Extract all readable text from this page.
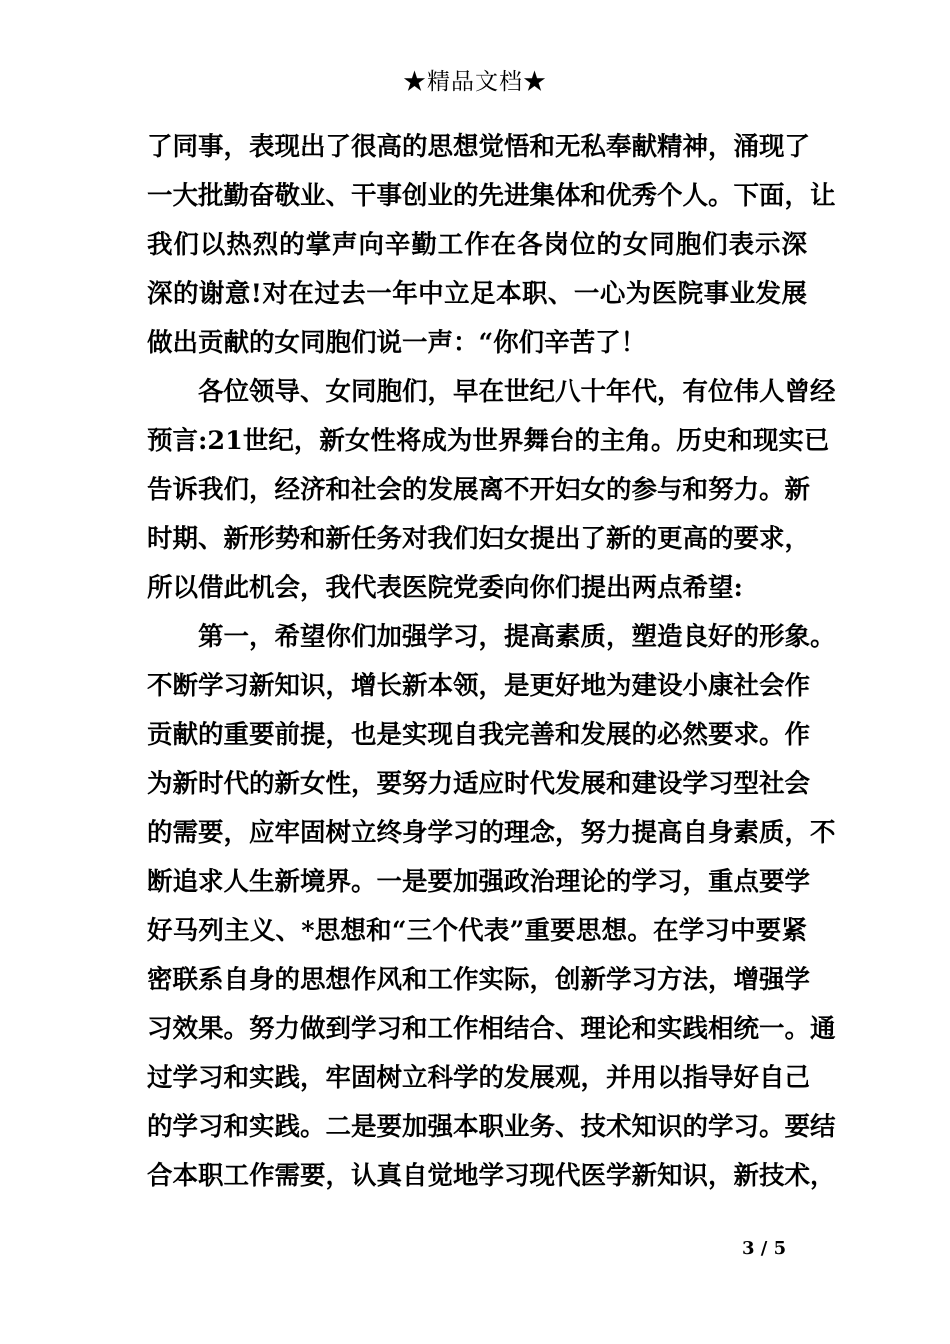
★精品文档★

了同事，表现出了很高的思想觉悟和无私奉献精神，涌现了

一大批勤奋敬业、干事创业的先进集体和优秀个人。下面，让

我们以热烈的掌声向辛勤工作在各岗位的女同胞们表示深

深的谢意!对在过去一年中立足本职、一心为医院事业发展

做出贡献的女同胞们说一声：“你们辛苦了！

　　各位领导、女同胞们，早在世纪八十年代，有位伟人曾经

预言:21世纪，新女性将成为世界舞台的主角。历史和现实已

告诉我们，经济和社会的发展离不开妇女的参与和努力。新

时期、新形势和新任务对我们妇女提出了新的更高的要求，

所以借此机会，我代表医院党委向你们提出两点希望:

　　第一，希望你们加强学习，提高素质，塑造良好的形象。

不断学习新知识，增长新本领，是更好地为建设小康社会作

贡献的重要前提，也是实现自我完善和发展的必然要求。作

为新时代的新女性，要努力适应时代发展和建设学习型社会

的需要，应牢固树立终身学习的理念，努力提高自身素质，不

断追求人生新境界。一是要加强政治理论的学习，重点要学

好马列主义、*思想和“三个代表”重要思想。在学习中要紧

密联系自身的思想作风和工作实际，创新学习方法，增强学

习效果。努力做到学习和工作相结合、理论和实践相统一。通

过学习和实践，牢固树立科学的发展观，并用以指导好自己

的学习和实践。二是要加强本职业务、技术知识的学习。要结

合本职工作需要，认真自觉地学习现代医学新知识，新技术，

3 / 5
